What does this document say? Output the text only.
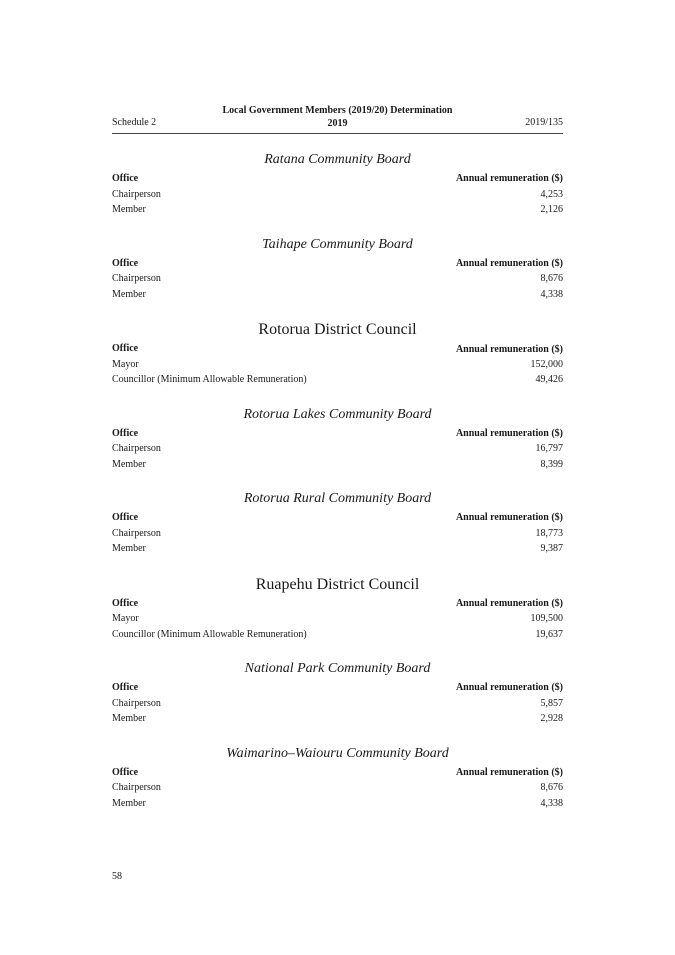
Schedule 2
Local Government Members (2019/20) Determination
2019	2019/135
Ratana Community Board
Office	Annual remuneration ($)
Chairperson	4,253
Member	2,126
Taihape Community Board
Office	Annual remuneration ($)
Chairperson	8,676
Member	4,338
Rotorua District Council
Office	Annual remuneration ($)
Mayor	152,000
Councillor (Minimum Allowable Remuneration)	49,426
Rotorua Lakes Community Board
Office	Annual remuneration ($)
Chairperson	16,797
Member	8,399
Rotorua Rural Community Board
Office	Annual remuneration ($)
Chairperson	18,773
Member	9,387
Ruapehu District Council
Office	Annual remuneration ($)
Mayor	109,500
Councillor (Minimum Allowable Remuneration)	19,637
National Park Community Board
Office	Annual remuneration ($)
Chairperson	5,857
Member	2,928
Waimarino–Waiouru Community Board
Office	Annual remuneration ($)
Chairperson	8,676
Member	4,338
58
